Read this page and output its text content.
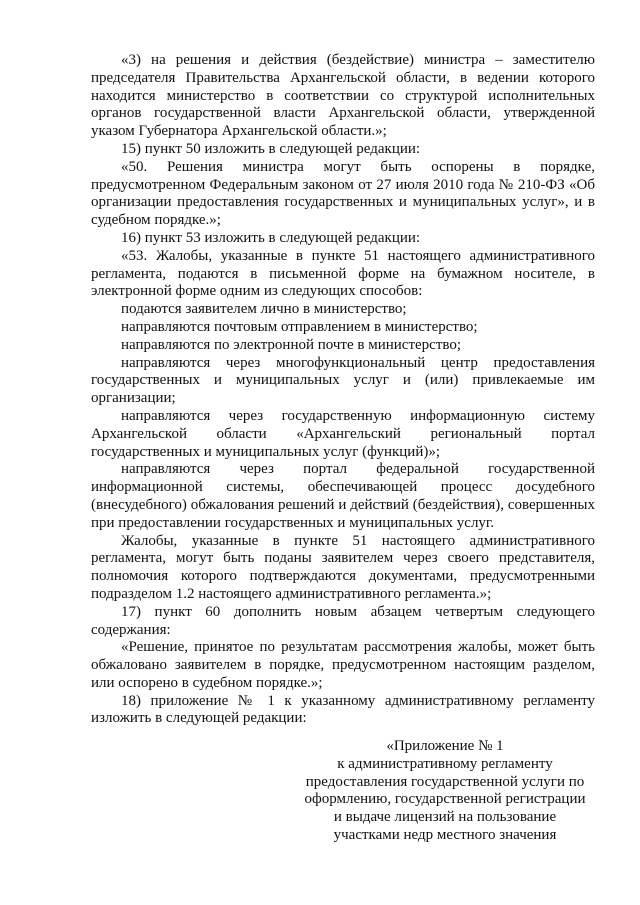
«3) на решения и действия (бездействие) министра – заместителю председателя Правительства Архангельской области, в ведении которого находится министерство в соответствии со структурой исполнительных органов государственной власти Архангельской области, утвержденной указом Губернатора Архангельской области.»;

15) пункт 50 изложить в следующей редакции:

«50. Решения министра могут быть оспорены в порядке, предусмотренном Федеральным законом от 27 июля 2010 года № 210-ФЗ «Об организации предоставления государственных и муниципальных услуг», и в судебном порядке.»;

16) пункт 53 изложить в следующей редакции:

«53. Жалобы, указанные в пункте 51 настоящего административного регламента, подаются в письменной форме на бумажном носителе, в электронной форме одним из следующих способов:

подаются заявителем лично в министерство;

направляются почтовым отправлением в министерство;

направляются по электронной почте в министерство;

направляются через многофункциональный центр предоставления государственных и муниципальных услуг и (или) привлекаемые им организации;

направляются через государственную информационную систему Архангельской области «Архангельский региональный портал государственных и муниципальных услуг (функций)»;

направляются через портал федеральной государственной информационной системы, обеспечивающей процесс досудебного (внесудебного) обжалования решений и действий (бездействия), совершенных при предоставлении государственных и муниципальных услуг.

Жалобы, указанные в пункте 51 настоящего административного регламента, могут быть поданы заявителем через своего представителя, полномочия которого подтверждаются документами, предусмотренными подразделом 1.2 настоящего административного регламента.»;

17) пункт 60 дополнить новым абзацем четвертым следующего содержания:

«Решение, принятое по результатам рассмотрения жалобы, может быть обжаловано заявителем в порядке, предусмотренном настоящим разделом, или оспорено в судебном порядке.»;

18) приложение № 1 к указанному административному регламенту изложить в следующей редакции:

«Приложение № 1
к административному регламенту
предоставления государственной услуги по
оформлению, государственной регистрации
и выдаче лицензий на пользование
участками недр местного значения
